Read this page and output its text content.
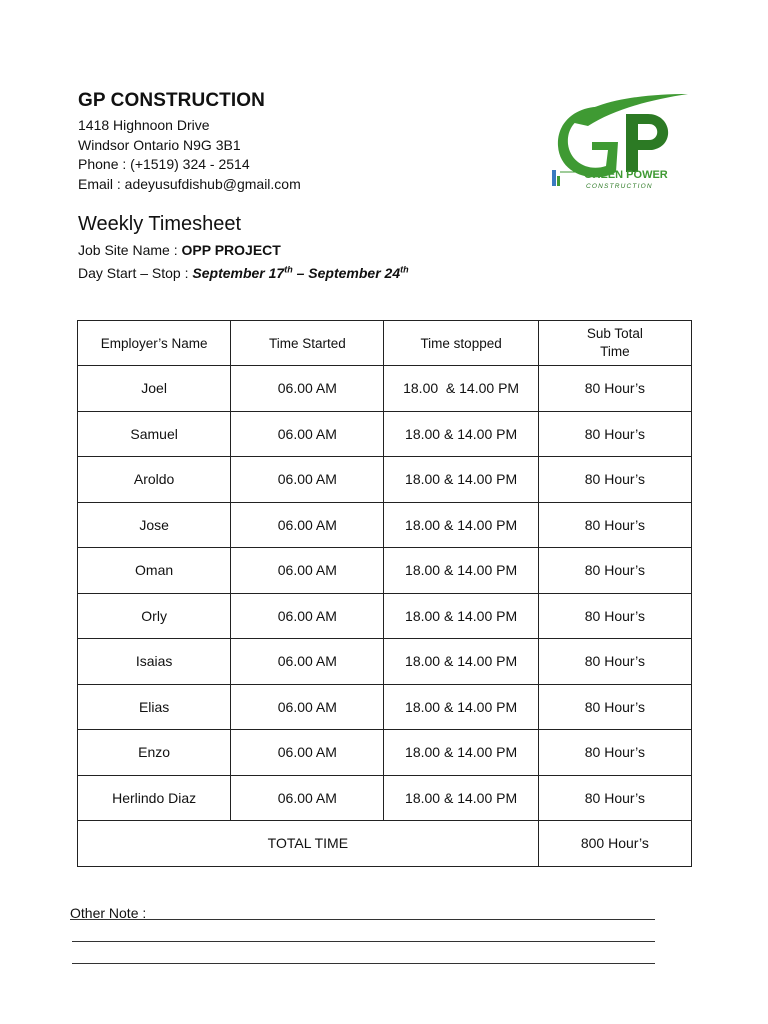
GP CONSTRUCTION
1418 Highnoon Drive
Windsor Ontario N9G 3B1
Phone : (+1519) 324 - 2514
Email : adeyusufdishub@gmail.com
GREEN POWER
CONSTRUCTION
Weekly Timesheet

Job Site Name : OPP PROJECT

Day Start – Stop : September 17th – September 24th

Employer’s Name	Time Started	Time stopped	Sub Total
Time
Joel	06.00 AM	18.00  & 14.00 PM	80 Hour’s
Samuel	06.00 AM	18.00 & 14.00 PM	80 Hour’s
Aroldo	06.00 AM	18.00 & 14.00 PM	80 Hour’s
Jose	06.00 AM	18.00 & 14.00 PM	80 Hour’s
Oman	06.00 AM	18.00 & 14.00 PM	80 Hour’s
Orly	06.00 AM	18.00 & 14.00 PM	80 Hour’s
Isaias	06.00 AM	18.00 & 14.00 PM	80 Hour’s
Elias	06.00 AM	18.00 & 14.00 PM	80 Hour’s
Enzo	06.00 AM	18.00 & 14.00 PM	80 Hour’s
Herlindo Diaz	06.00 AM	18.00 & 14.00 PM	80 Hour’s
TOTAL TIME			800 Hour’s
Other Note :
